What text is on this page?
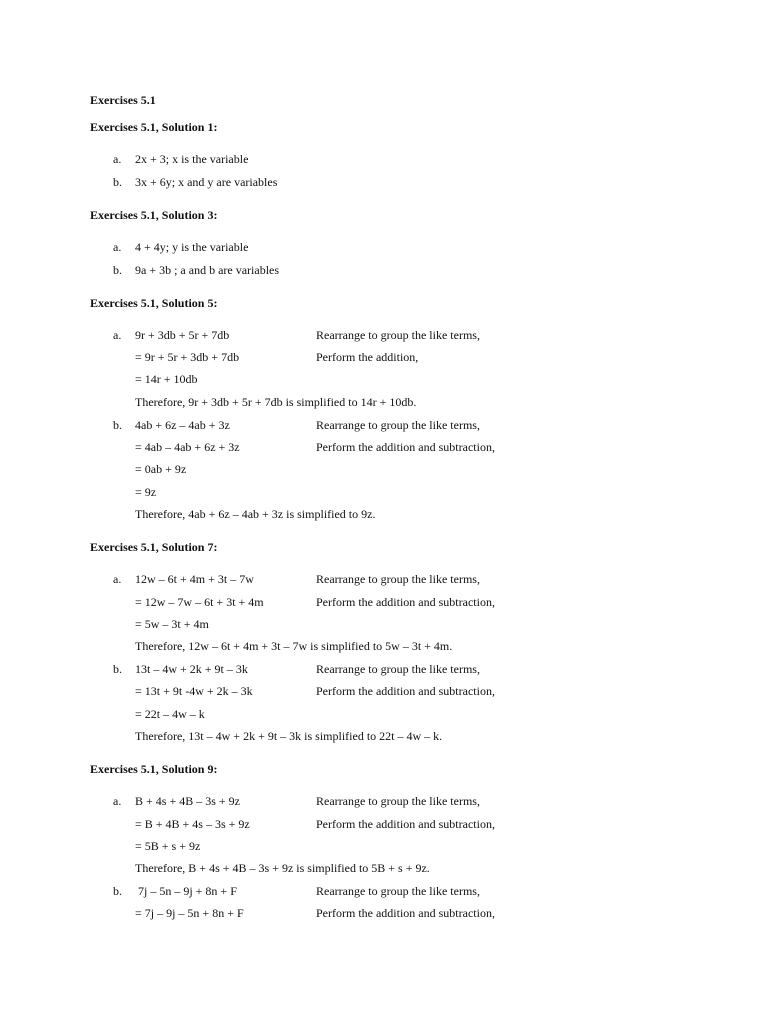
Exercises 5.1
Exercises 5.1, Solution 1:
a. 2x + 3; x is the variable
b. 3x + 6y; x and y are variables
Exercises 5.1, Solution 3:
a. 4 + 4y; y is the variable
b. 9a + 3b ; a and b are variables
Exercises 5.1, Solution 5:
a. 9r + 3db + 5r + 7db	Rearrange to group the like terms,
= 9r + 5r + 3db + 7db	Perform the addition,
= 14r + 10db
Therefore, 9r + 3db + 5r + 7db is simplified to 14r + 10db.
b. 4ab + 6z – 4ab + 3z	Rearrange to group the like terms,
= 4ab – 4ab + 6z + 3z	Perform the addition and subtraction,
= 0ab + 9z
= 9z
Therefore, 4ab + 6z – 4ab + 3z is simplified to 9z.
Exercises 5.1, Solution 7:
a. 12w – 6t + 4m + 3t – 7w	Rearrange to group the like terms,
= 12w – 7w – 6t + 3t + 4m	Perform the addition and subtraction,
= 5w – 3t + 4m
Therefore, 12w – 6t + 4m + 3t – 7w is simplified to 5w – 3t + 4m.
b. 13t – 4w + 2k + 9t – 3k	Rearrange to group the like terms,
= 13t + 9t -4w + 2k – 3k	Perform the addition and subtraction,
= 22t – 4w – k
Therefore, 13t – 4w + 2k + 9t – 3k is simplified to 22t – 4w – k.
Exercises 5.1, Solution 9:
a. B + 4s + 4B – 3s + 9z	Rearrange to group the like terms,
= B + 4B + 4s – 3s + 9z	Perform the addition and subtraction,
= 5B + s + 9z
Therefore, B + 4s + 4B – 3s + 9z is simplified to 5B + s + 9z.
b. 7j – 5n – 9j + 8n + F	Rearrange to group the like terms,
= 7j – 9j – 5n + 8n + F	Perform the addition and subtraction,
